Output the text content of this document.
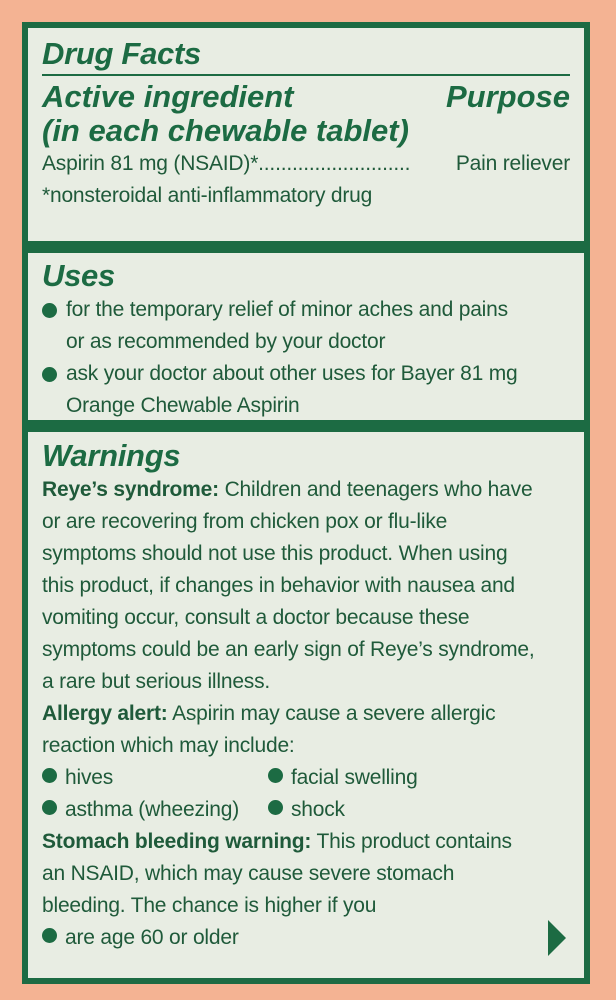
Drug Facts
Active ingredient
(in each chewable tablet)
Purpose
Aspirin 81 mg (NSAID)*........................... Pain reliever
*nonsteroidal anti-inflammatory drug
Uses
for the temporary relief of minor aches and pains
or as recommended by your doctor
ask your doctor about other uses for Bayer 81 mg
Orange Chewable Aspirin
Warnings
Reye’s syndrome: Children and teenagers who have
or are recovering from chicken pox or flu-like
symptoms should not use this product. When using
this product, if changes in behavior with nausea and
vomiting occur, consult a doctor because these
symptoms could be an early sign of Reye’s syndrome,
a rare but serious illness.
Allergy alert: Aspirin may cause a severe allergic
reaction which may include:
hives	facial swelling
asthma (wheezing)	shock
Stomach bleeding warning: This product contains
an NSAID, which may cause severe stomach
bleeding. The chance is higher if you
are age 60 or older
